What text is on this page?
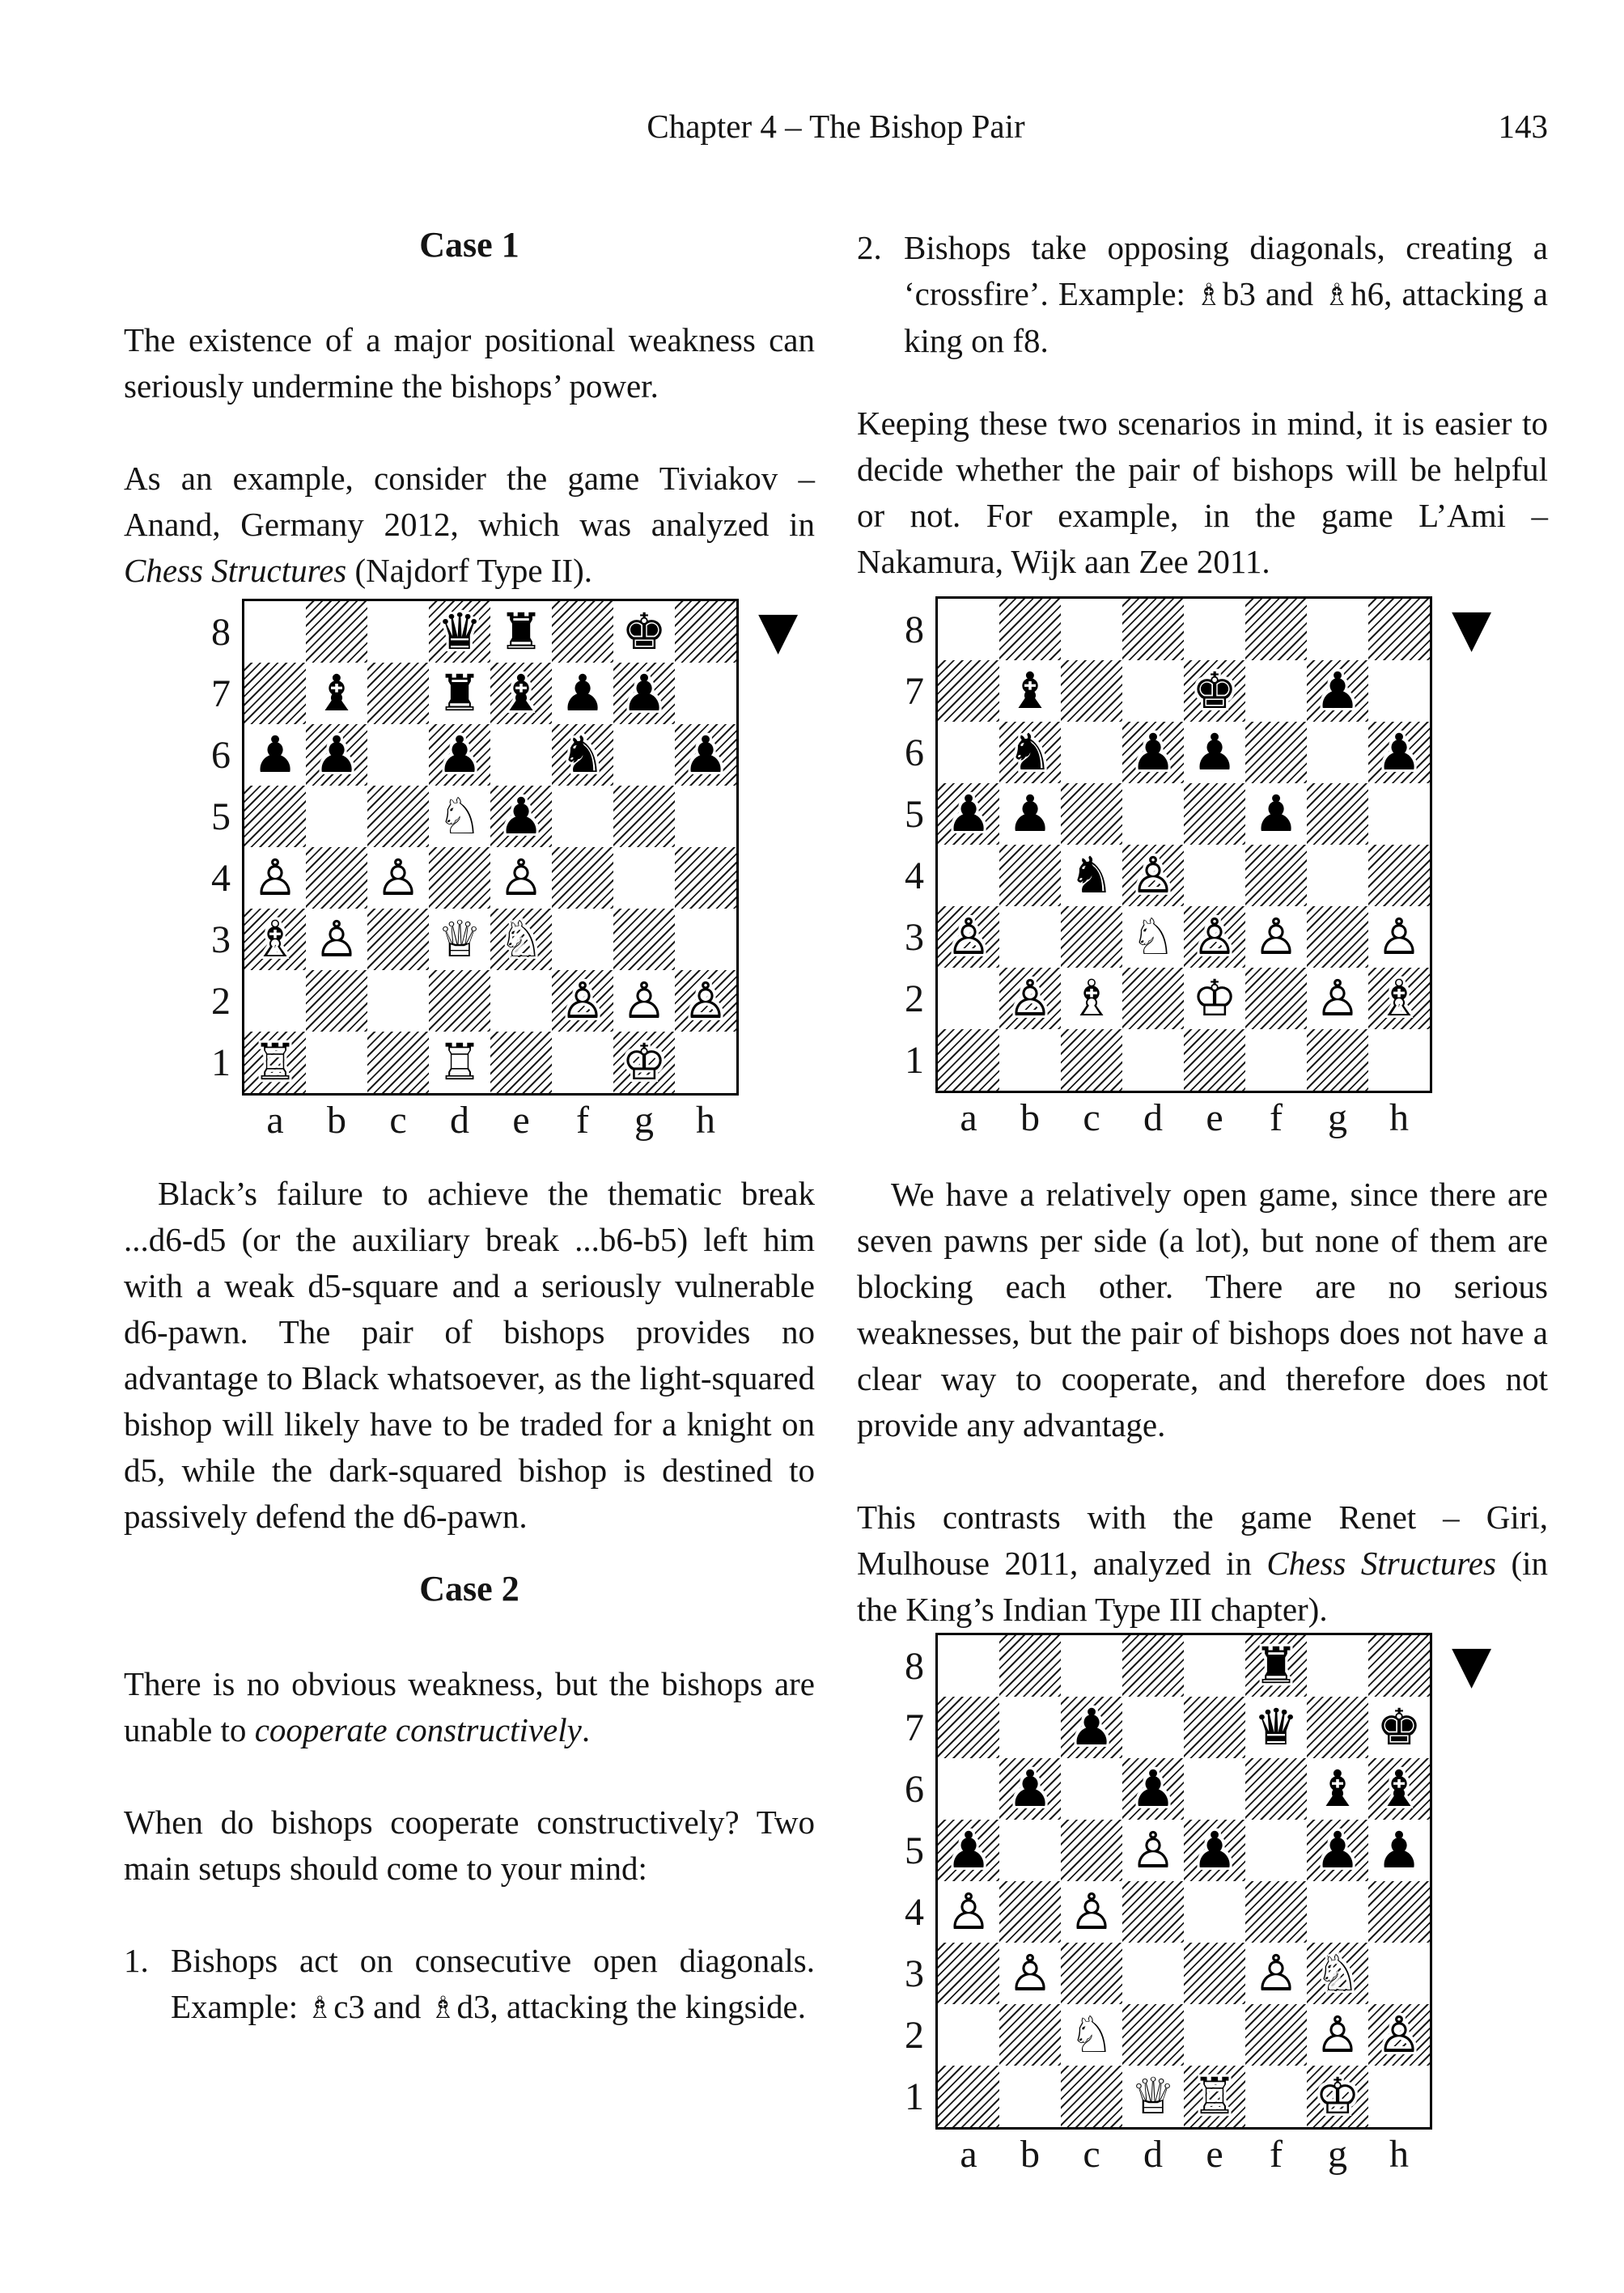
Chapter 4 – The Bishop Pair	143
Case 1

The existence of a major positional weakness can seriously undermine the bishops’ power.

As an example, consider the game Tiviakov – Anand, Germany 2012, which was analyzed in Chess Structures (Najdorf Type II).

8
7
6
5
4
3
2
1
♛ ♜ ♚
♝ ♜ ♝ ♟ ♟
♟ ♟ ♟ ♞ ♟
♘ ♟
♙ ♙ ♙
♗ ♙ ♕ ♘
♙ ♙ ♙
♖	♖	♔
▼
a b c d e f g h

Black’s failure to achieve the thematic break ...d6-d5 (or the auxiliary break ...b6-b5) left him with a weak d5-square and a seriously vulnerable d6-pawn. The pair of bishops provides no advantage to Black whatsoever, as the light-squared bishop will likely have to be traded for a knight on d5, while the dark-squared bishop is destined to passively defend the d6-pawn.

Case 2

There is no obvious weakness, but the bishops are unable to cooperate constructively.

When do bishops cooperate constructively? Two main setups should come to your mind:

1. Bishops act on consecutive open diagonals. Example: ♗c3 and ♗d3, attacking the kingside.

2. Bishops take opposing diagonals, creating a ‘crossfire’. Example: ♗b3 and ♗h6, attacking a king on f8.

Keeping these two scenarios in mind, it is easier to decide whether the pair of bishops will be helpful or not. For example, in the game L’Ami – Nakamura, Wijk aan Zee 2011.

8
7
6
5
4
3
2
1
♝	♚ ♟
♞ ♟ ♟	♟
♟ ♟	♟
♞ ♙
♙	♘ ♙ ♙ ♙
♙ ♗ ♔ ♙ ♗
▼
a b c d e f g h

We have a relatively open game, since there are seven pawns per side (a lot), but none of them are blocking each other. There are no serious weaknesses, but the pair of bishops does not have a clear way to cooperate, and therefore does not provide any advantage.

This contrasts with the game Renet – Giri, Mulhouse 2011, analyzed in Chess Structures (in the King’s Indian Type III chapter).

8
7
6
5
4
3
2
1
♜
♟	♛ ♚
♟ ♟	♝ ♝
♟	♙ ♟ ♟ ♟
♙ ♙
♙	♙ ♘
♘	♙ ♙
♕ ♖ ♔
▼
a b c d e f g h
